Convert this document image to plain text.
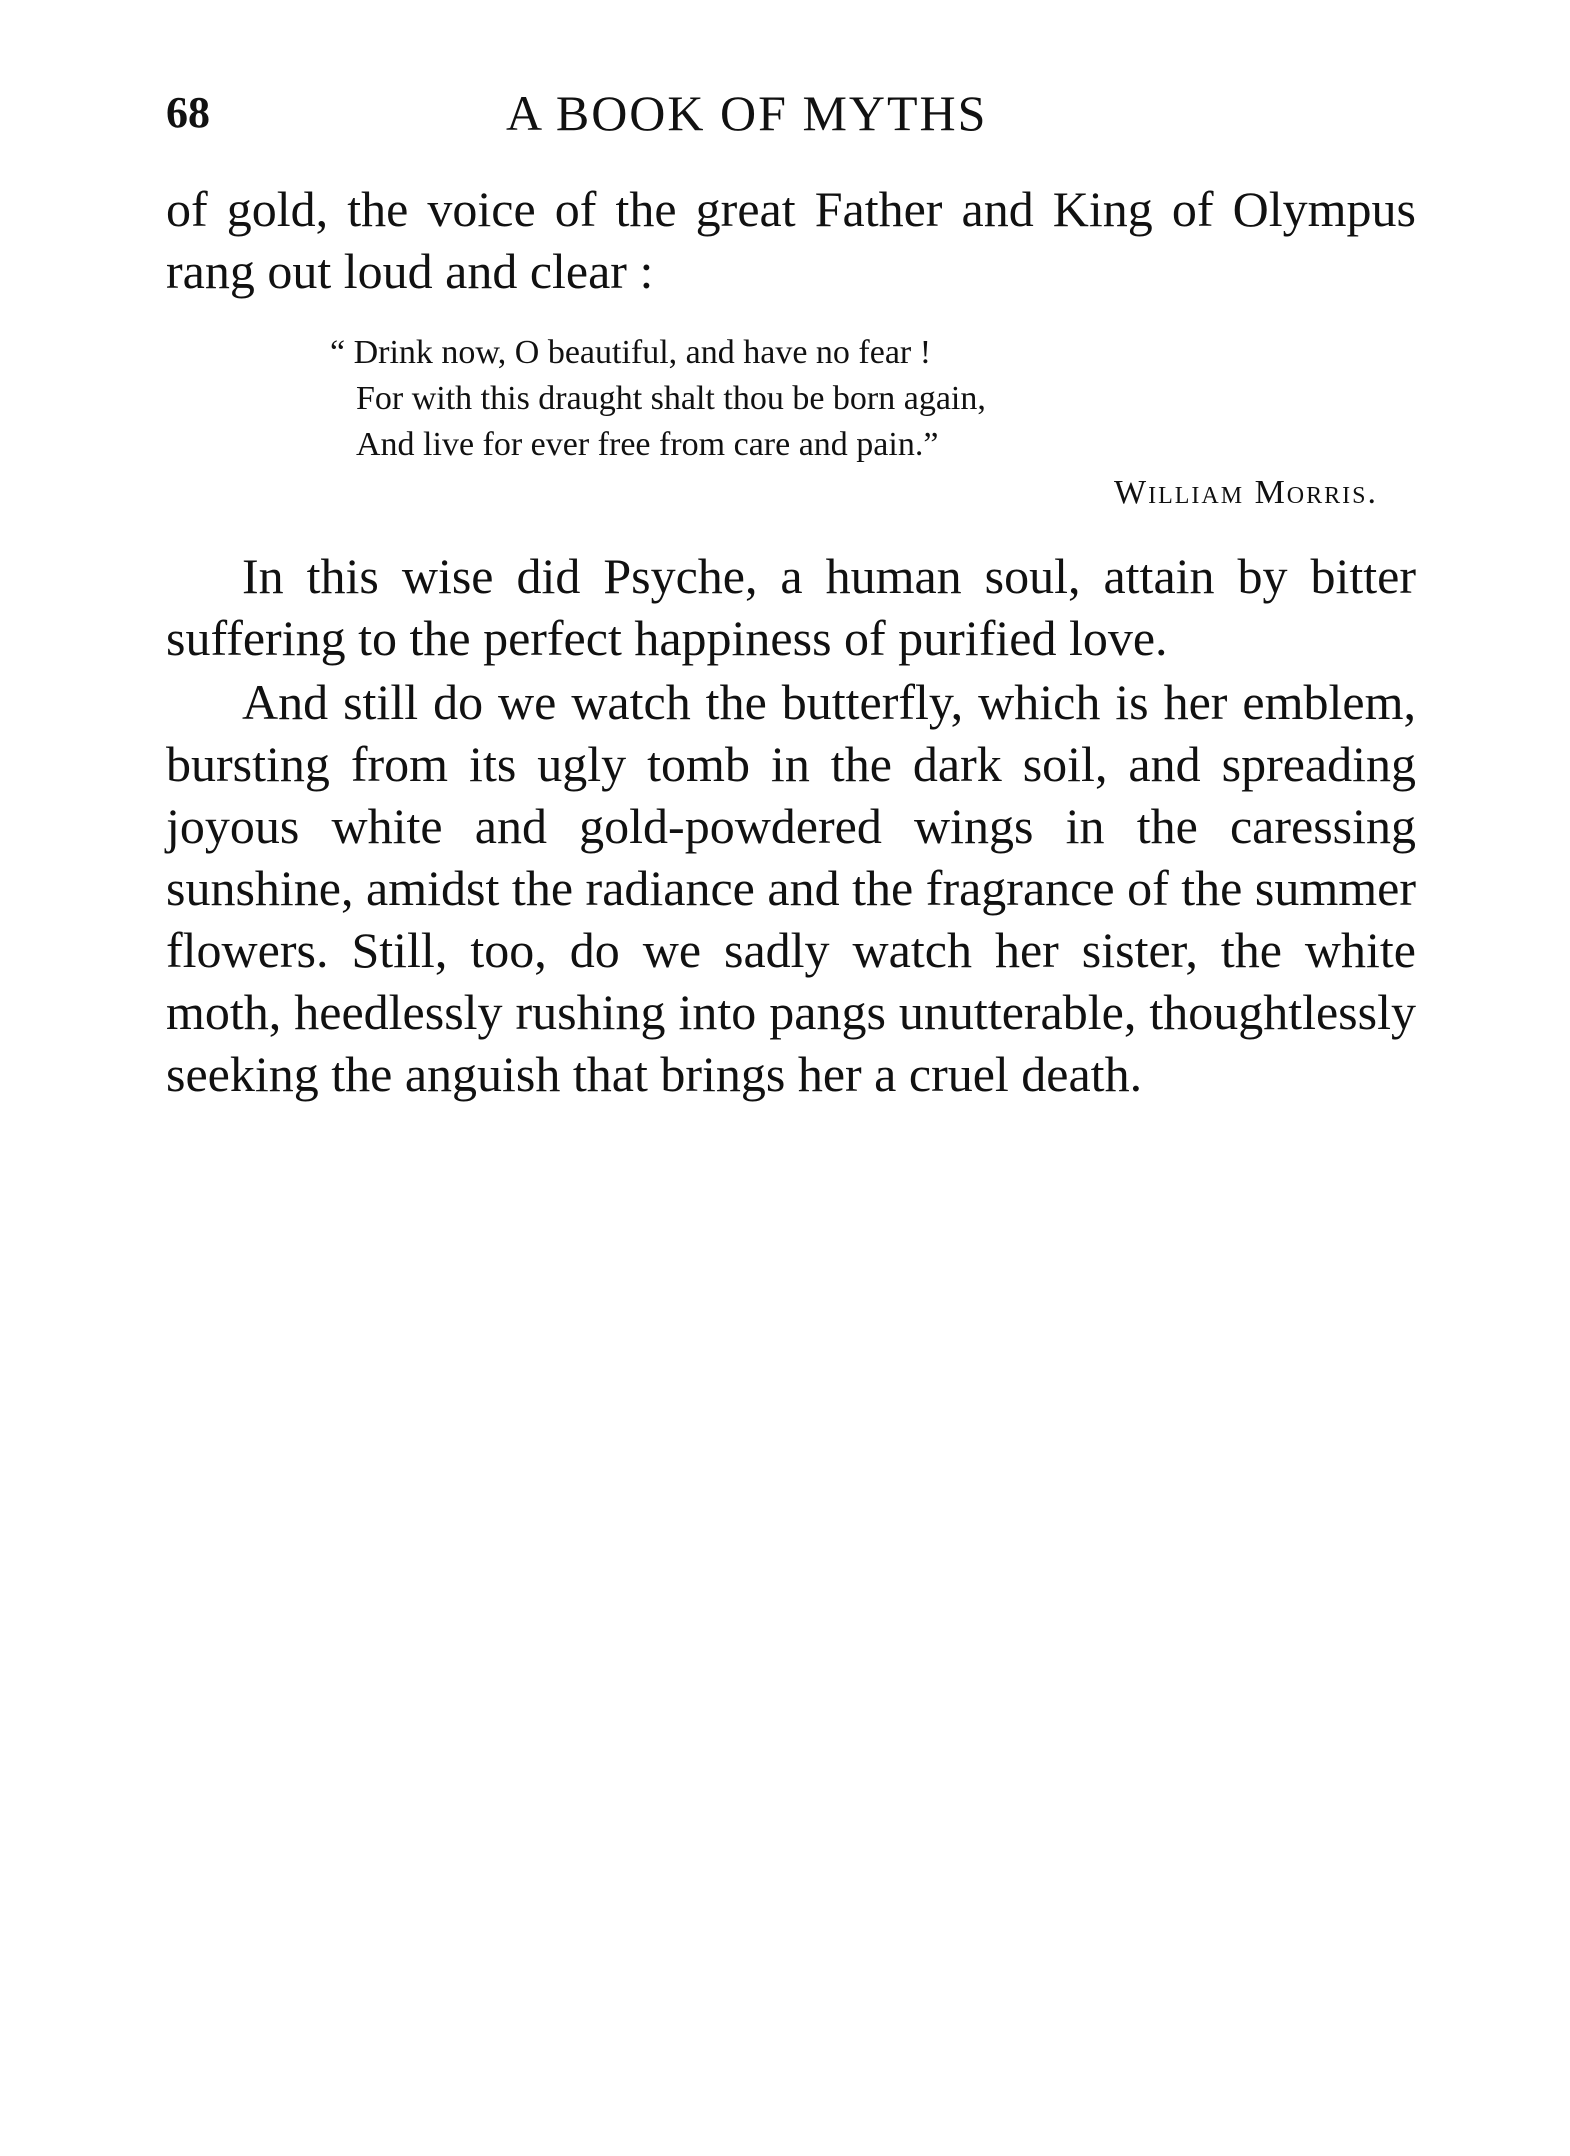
68	A BOOK OF MYTHS

of gold, the voice of the great Father and King of Olympus rang out loud and clear :

“ Drink now, O beautiful, and have no fear !
For with this draught shalt thou be born again,
And live for ever free from care and pain.”
William Morris.

In this wise did Psyche, a human soul, attain by bitter suffering to the perfect happiness of purified love.

And still do we watch the butterfly, which is her emblem, bursting from its ugly tomb in the dark soil, and spreading joyous white and gold-powdered wings in the caressing sunshine, amidst the radiance and the fragrance of the summer flowers. Still, too, do we sadly watch her sister, the white moth, heedlessly rushing into pangs unutterable, thoughtlessly seeking the anguish that brings her a cruel death.
